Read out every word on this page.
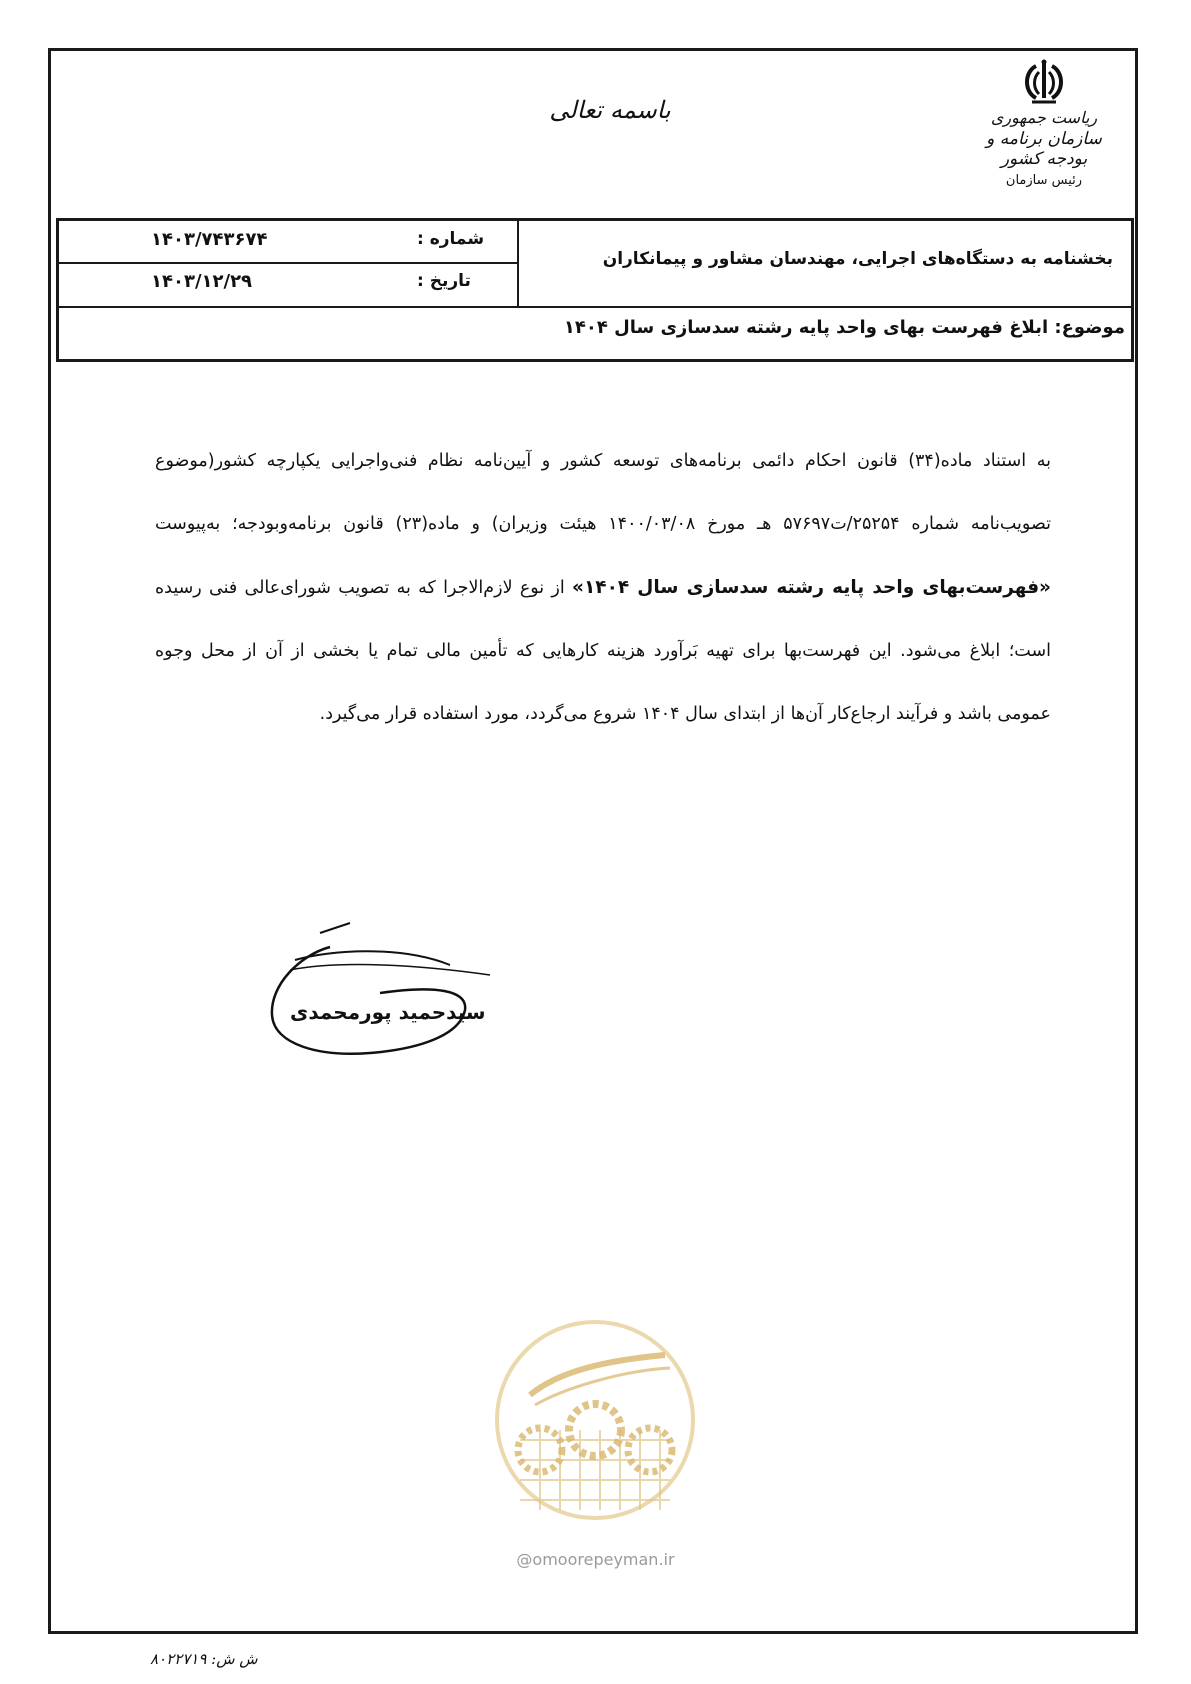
ریاست جمهوری
سازمان برنامه و بودجه کشور
رئیس سازمان
باسمه تعالی
شماره :
۱۴۰۳/۷۴۳۶۷۴
تاریخ :
۱۴۰۳/۱۲/۲۹
بخشنامه به دستگاه‌های اجرایی، مهندسان مشاور و پیمانکاران
موضوع: ابلاغ فهرست بهای واحد پایه رشته سدسازی سال ۱۴۰۴

به استناد ماده(۳۴) قانون احکام دائمی برنامه‌های توسعه کشور و آیین‌نامه نظام فنی‌واجرایی یکپارچه کشور(موضوع تصویب‌نامه شماره ۲۵۲۵۴/ت۵۷۶۹۷ هـ مورخ ۱۴۰۰/۰۳/۰۸ هیئت وزیران) و ماده(۲۳) قانون برنامه‌وبودجه؛ به‌پیوست «فهرست‌بهای واحد پایه رشته سدسازی سال ۱۴۰۴» از نوع لازم‌الاجرا که به تصویب شورای‌عالی فنی رسیده است؛ ابلاغ می‌شود. این فهرست‌بها برای تهیه بَرآورد هزینه کارهایی که تأمین مالی تمام یا بخشی از آن از محل وجوه عمومی باشد و فرآیند ارجاع‌کار آن‌ها از ابتدای سال ۱۴۰۴ شروع می‌گردد، مورد استفاده قرار می‌گیرد.

سیدحمید پورمحمدی
@omoorepeyman.ir
ش ش: ۸۰۲۲۷۱۹
